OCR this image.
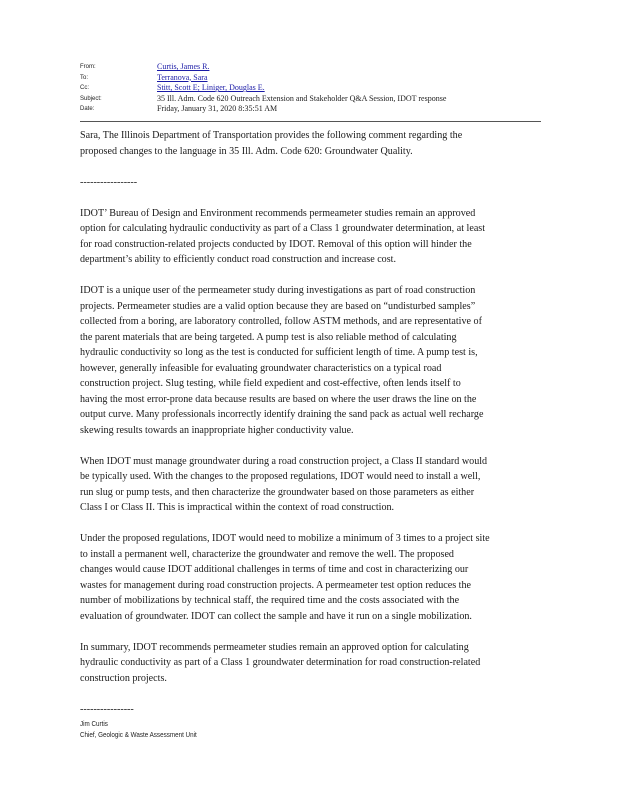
From:	Curtis, James R.
To:	Terranova, Sara
Cc:	Stitt, Scott E; Liniger, Douglas E.
Subject:	35 Ill. Adm. Code 620 Outreach Extension and Stakeholder Q&A Session, IDOT response
Date:	Friday, January 31, 2020 8:35:51 AM
Sara, The Illinois Department of Transportation provides the following comment regarding the
proposed changes to the language in 35 Ill. Adm. Code 620: Groundwater Quality.
-----------------
IDOT’ Bureau of Design and Environment recommends permeameter studies remain an approved
option for calculating hydraulic conductivity as part of a Class 1 groundwater determination, at least
for road construction-related projects conducted by IDOT. Removal of this option will hinder the
department’s ability to efficiently conduct road construction and increase cost.
IDOT is a unique user of the permeameter study during investigations as part of road construction
projects. Permeameter studies are a valid option because they are based on “undisturbed samples”
collected from a boring, are laboratory controlled, follow ASTM methods, and are representative of
the parent materials that are being targeted. A pump test is also reliable method of calculating
hydraulic conductivity so long as the test is conducted for sufficient length of time. A pump test is,
however, generally infeasible for evaluating groundwater characteristics on a typical road
construction project. Slug testing, while field expedient and cost-effective, often lends itself to
having the most error-prone data because results are based on where the user draws the line on the
output curve. Many professionals incorrectly identify draining the sand pack as actual well recharge
skewing results towards an inappropriate higher conductivity value.
When IDOT must manage groundwater during a road construction project, a Class II standard would
be typically used. With the changes to the proposed regulations, IDOT would need to install a well,
run slug or pump tests, and then characterize the groundwater based on those parameters as either
Class I or Class II. This is impractical within the context of road construction.
Under the proposed regulations, IDOT would need to mobilize a minimum of 3 times to a project site
to install a permanent well, characterize the groundwater and remove the well. The proposed
changes would cause IDOT additional challenges in terms of time and cost in characterizing our
wastes for management during road construction projects. A permeameter test option reduces the
number of mobilizations by technical staff, the required time and the costs associated with the
evaluation of groundwater. IDOT can collect the sample and have it run on a single mobilization.
In summary, IDOT recommends permeameter studies remain an approved option for calculating
hydraulic conductivity as part of a Class 1 groundwater determination for road construction-related
construction projects.
----------------
Jim Curtis
Chief, Geologic & Waste Assessment Unit
